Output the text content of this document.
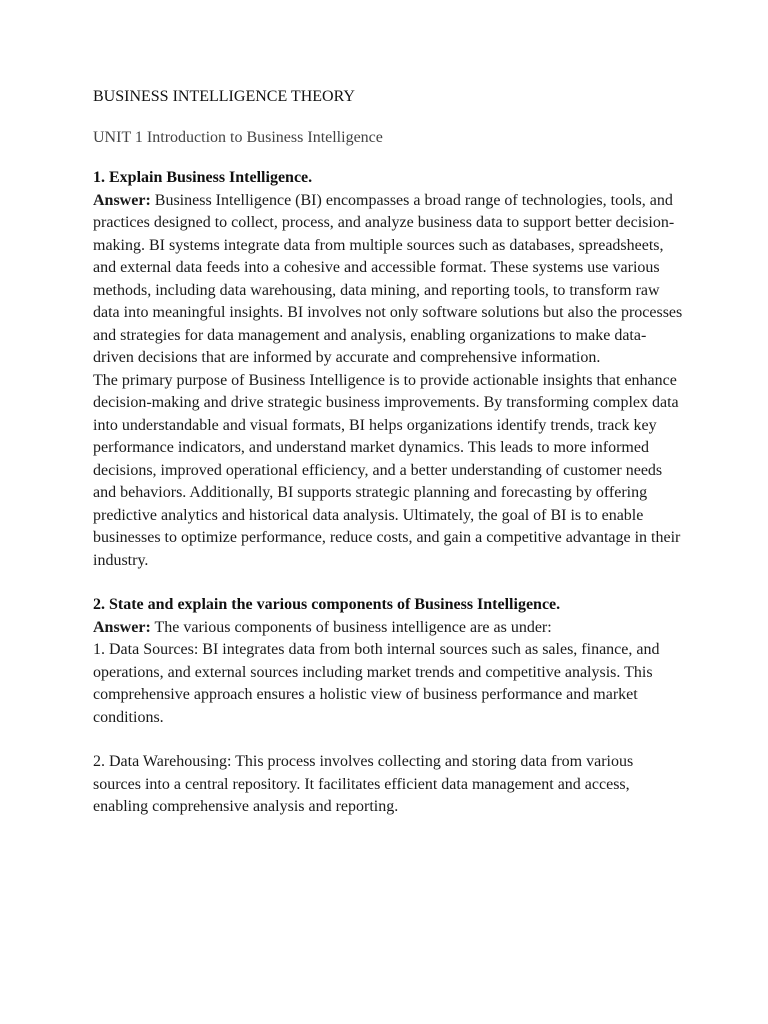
BUSINESS INTELLIGENCE THEORY
UNIT 1 Introduction to Business Intelligence
1. Explain Business Intelligence.

Answer: Business Intelligence (BI) encompasses a broad range of technologies, tools, and practices designed to collect, process, and analyze business data to support better decision-making. BI systems integrate data from multiple sources such as databases, spreadsheets, and external data feeds into a cohesive and accessible format. These systems use various methods, including data warehousing, data mining, and reporting tools, to transform raw data into meaningful insights. BI involves not only software solutions but also the processes and strategies for data management and analysis, enabling organizations to make data-driven decisions that are informed by accurate and comprehensive information.

The primary purpose of Business Intelligence is to provide actionable insights that enhance decision-making and drive strategic business improvements. By transforming complex data into understandable and visual formats, BI helps organizations identify trends, track key performance indicators, and understand market dynamics. This leads to more informed decisions, improved operational efficiency, and a better understanding of customer needs and behaviors. Additionally, BI supports strategic planning and forecasting by offering predictive analytics and historical data analysis. Ultimately, the goal of BI is to enable businesses to optimize performance, reduce costs, and gain a competitive advantage in their industry.

2. State and explain the various components of Business Intelligence.

Answer: The various components of business intelligence are as under:

1. Data Sources: BI integrates data from both internal sources such as sales, finance, and operations, and external sources including market trends and competitive analysis. This comprehensive approach ensures a holistic view of business performance and market conditions.

2. Data Warehousing: This process involves collecting and storing data from various sources into a central repository. It facilitates efficient data management and access, enabling comprehensive analysis and reporting.
